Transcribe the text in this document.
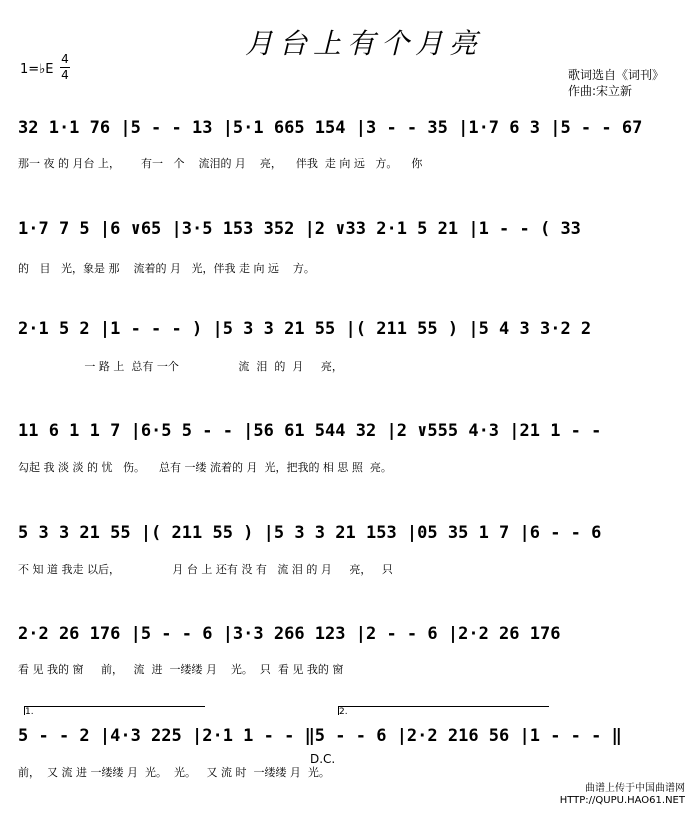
月台上有个月亮
1=♭E
4
4	歌词选自《词刊》
作曲:宋立新
32 1·1 76 |5 - - 13 |5·1 665 154 |3 - - 35 |1·7 6 3 |5 - - 67
那一 夜 的 月台 上，      有一   个    流泪的 月    亮，    伴我  走 向 远   方。    你
1·7 7 5 |6 ∨65 |3·5 153 352 |2 ∨33 2·1 5 21 |1 - - ( 33
的   目   光，象是 那    流着的 月   光，伴我 走 向 远    方。
2·1 5 2 |1 - - - ) |5 3 3 21 55 |( 211 55 ) |5 4 3 3·2 2
一 路 上  总有 一个                 流  泪  的  月     亮，
11 6 1 1 7 |6·5 5 - - |56 61 544 32 |2 ∨555 4·3 |21 1 - -
勾起 我 淡 淡 的 忧   伤。    总有 一缕 流着的 月  光，把我的 相 思 照  亮。
5 3 3 21 55 |( 211 55 ) |5 3 3 21 153 |05 35 1 7 |6 - - 6
不 知 道 我走 以后，               月 台 上 还有 没 有   流 泪 的 月     亮，   只
2·2 26 176 |5 - - 6 |3·3 266 123 |2 - - 6 |2·2 26 176
看 见 我的 窗     前，   流  进  一缕缕 月    光。  只  看 见 我的 窗
1.	2.
5 - - 2 |4·3 225 |2·1 1 - - ‖5 - - 6 |2·2 216 56 |1 - - - ‖
前，  又 流 进 一缕缕 月  光。  光。   又 流 时  一缕缕 月  光。
D.C.
曲谱上传于中国曲谱网
HTTP://QUPU.HAO61.NET
